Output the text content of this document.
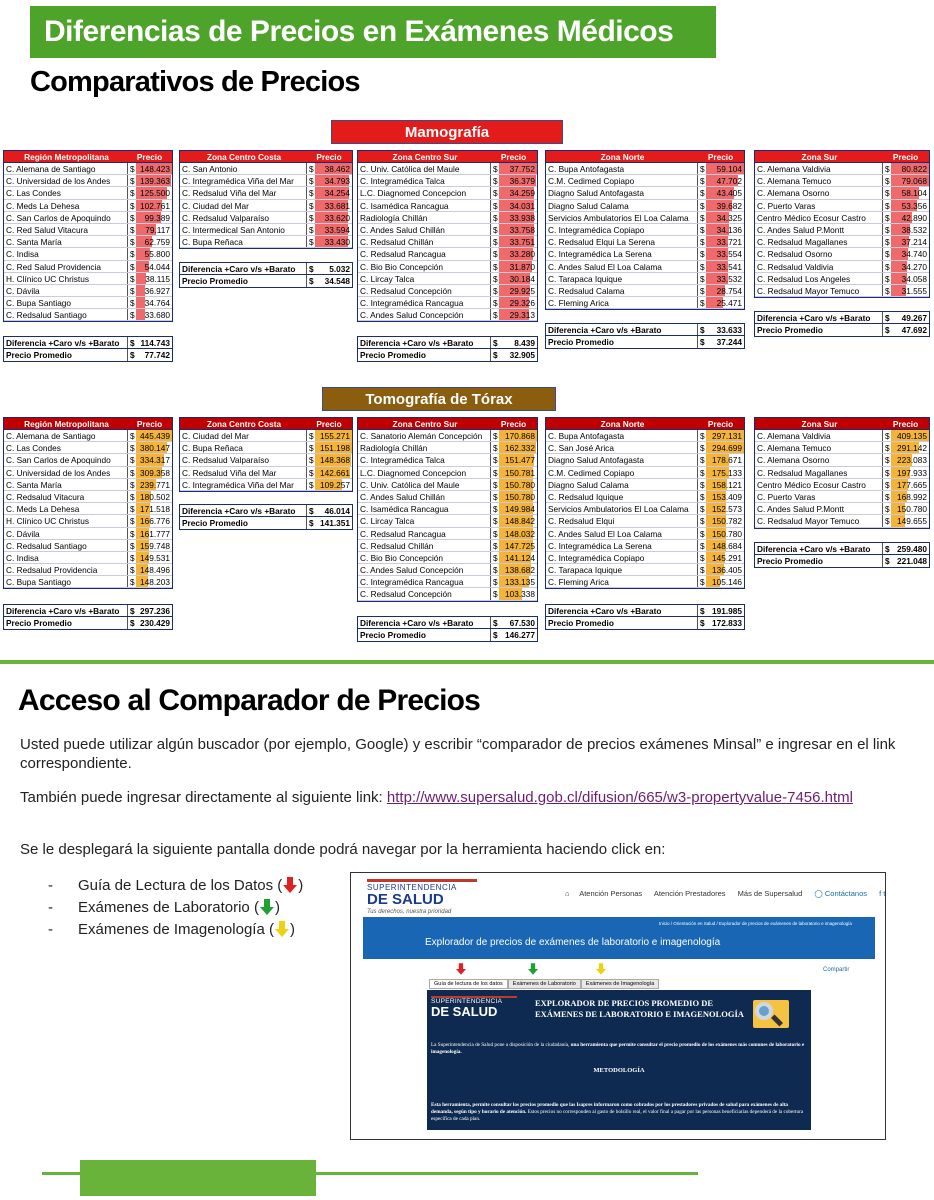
Diferencias de Precios en Exámenes Médicos
Comparativos de Precios
Mamografía
Región Metropolitana	Precio
C. Alemana de Santiago	$ 148.423
C. Universidad de los Andes $ 139.363
C. Las Condes	$ 125.500
C. Meds La Dehesa	$ 102.761
C. San Carlos de Apoquindo $ 99.389
C. Red Salud Vitacura	$ 79.117
C. Santa María	$ 62.759
C. Indisa	$ 55.800
C. Red Salud Providencia	$ 54.044
H. Clínico UC Christus	$ 38.115
C. Dávila	$ 36.927
C. Bupa Santiago	$ 34.764
C. Redsalud Santiago	$ 33.680
Diferencia +Caro v/s +Barato $ 114.743
Precio Promedio	$ 77.742
Zona Centro Costa	Precio
C. San Antonio	$ 38.462
C. Integramédica Viña del Mar $ 34.793
C. Redsalud Viña del Mar	$ 34.254
C. Ciudad del Mar	$ 33.681
C. Redsalud Valparaíso	$ 33.620
C. Intermedical San Antonio	$ 33.594
C. Bupa Reñaca	$ 33.430
Diferencia +Caro v/s +Barato $ 5.032
Precio Promedio	$ 34.548
Zona Centro Sur	Precio
C. Univ. Católica del Maule	$ 37.752
C. Integramédica Talca	$ 36.379
L.C. Diagnomed Concepcion	$ 34.259
C. Isamédica Rancagua	$ 34.031
Radiología Chillán	$ 33.938
C. Andes Salud Chillán	$ 33.758
C. Redsalud Chillán	$ 33.751
C. Redsalud Rancagua	$ 33.280
C. Bio Bio Concepción	$ 31.870
C. Lircay Talca	$ 30.184
C. Redsalud Concepción	$ 29.925
C. Integramédica Rancagua	$ 29.326
C. Andes Salud Concepción	$ 29.313
Diferencia +Caro v/s +Barato $ 8.439
Precio Promedio	$ 32.905
Zona Norte	Precio
C. Bupa Antofagasta	$ 59.104
C.M. Cedimed Copiapo	$ 47.702
Diagno Salud Antofagasta	$ 43.405
Diagno Salud Calama	$ 39.682
Servicios Ambulatorios El Loa Calama $ 34.325
C. Integramédica Copiapo	$ 34.136
C. Redsalud Elqui La Serena	$ 33.721
C. Integramédica La Serena	$ 33.554
C. Andes Salud El Loa Calama	$ 33.541
C. Tarapaca Iquique	$ 33.532
C. Redsalud Calama	$ 28.754
C. Fleming Arica	$ 25.471
Diferencia +Caro v/s +Barato	$ 33.633
Precio Promedio	$ 37.244
Zona Sur	Precio
C. Alemana Valdivia	$ 80.822
C. Alemana Temuco	$ 79.068
C. Alemana Osorno	$ 58.104
C. Puerto Varas	$ 53.356
Centro Médico Ecosur Castro $ 42.890
C. Andes Salud P.Montt	$ 38.532
C. Redsalud Magallanes	$ 37.214
C. Redsalud Osorno	$ 34.740
C. Redsalud Valdivia	$ 34.270
C. Redsalud Los Angeles	$ 34.058
C. Redsalud Mayor Temuco	$ 31.555
Diferencia +Caro v/s +Barato $ 49.267
Precio Promedio	$ 47.692
Tomografía de Tórax
Región Metropolitana	Precio
C. Alemana de Santiago	$ 445.439
C. Las Condes	$ 380.147
C. San Carlos de Apoquindo $ 334.317
C. Universidad de los Andes $ 309.358
C. Santa María	$ 239.771
C. Redsalud Vitacura	$ 180.502
C. Meds La Dehesa	$ 171.518
H. Clínico UC Christus	$ 166.776
C. Dávila	$ 161.777
C. Redsalud Santiago	$ 159.748
C. Indisa	$ 149.531
C. Redsalud Providencia	$ 148.496
C. Bupa Santiago	$ 148.203
Diferencia +Caro v/s +Barato $ 297.236
Precio Promedio	$ 230.429
Zona Centro Costa	Precio
C. Ciudad del Mar	$ 155.271
C. Bupa Reñaca	$ 151.198
C. Redsalud Valparaíso	$ 148.368
C. Redsalud Viña del Mar	$ 142.661
C. Integramédica Viña del Mar $ 109.257
Diferencia +Caro v/s +Barato $ 46.014
Precio Promedio	$ 141.351
Zona Centro Sur	Precio
C. Sanatorio Alemán Concepción $ 170.868
Radiología Chillán	$ 162.332
C. Integramédica Talca	$ 151.477
L.C. Diagnomed Concepcion	$ 150.781
C. Univ. Católica del Maule	$ 150.780
C. Andes Salud Chillán	$ 150.780
C. Isamédica Rancagua	$ 149.984
C. Lircay Talca	$ 148.842
C. Redsalud Rancagua	$ 148.032
C. Redsalud Chillán	$ 147.725
C. Bio Bio Concepción	$ 141.124
C. Andes Salud Concepción	$ 138.682
C. Integramédica Rancagua	$ 133.135
C. Redsalud Concepción	$ 103.338
Diferencia +Caro v/s +Barato $ 67.530
Precio Promedio	$ 146.277
Zona Norte	Precio
C. Bupa Antofagasta	$ 297.131
C. San José Arica	$ 294.699
Diagno Salud Antofagasta	$ 178.671
C.M. Cedimed Copiapo	$ 175.133
Diagno Salud Calama	$ 158.121
C. Redsalud Iquique	$ 153.409
Servicios Ambulatorios El Loa Calama $ 152.573
C. Redsalud Elqui	$ 150.782
C. Andes Salud El Loa Calama	$ 150.780
C. Integramédica La Serena	$ 148.684
C. Integramédica Copiapo	$ 145.291
C. Tarapaca Iquique	$ 136.405
C. Fleming Arica	$ 105.146
Diferencia +Caro v/s +Barato	$ 191.985
Precio Promedio	$ 172.833
Zona Sur	Precio
C. Alemana Valdivia	$ 409.135
C. Alemana Temuco	$ 291.142
C. Alemana Osorno	$ 223.083
C. Redsalud Magallanes	$ 197.933
Centro Médico Ecosur Castro $ 177.665
C. Puerto Varas	$ 168.992
C. Andes Salud P.Montt	$ 150.780
C. Redsalud Mayor Temuco	$ 149.655
Diferencia +Caro v/s +Barato $ 259.480
Precio Promedio	$ 221.048
Acceso al Comparador de Precios
Usted puede utilizar algún buscador (por ejemplo, Google) y escribir “comparador de precios exámenes Minsal” e ingresar en el link correspondiente.
También puede ingresar directamente al siguiente link: http://www.supersalud.gob.cl/difusion/665/w3-propertyvalue-7456.html
Se le desplegará la siguiente pantalla donde podrá navegar por la herramienta haciendo click en:
- Guía de Lectura de los Datos ( )
- Exámenes de Laboratorio ( )
- Exámenes de Imagenología ( )
SUPERINTENDENCIA
DE SALUD
Tus derechos, nuestra prioridad
⌂ Atención Personas Atención Prestadores Más de Supersalud ◯ Contáctanos f t
Inicio / Orientación en Salud / Explorador de precios de exámenes de laboratorio e imagenología
Explorador de precios de exámenes de laboratorio e imagenología
Compartir
Guía de lectura de los datos Exámenes de Laboratorio Exámenes de Imagenología
SUPERINTENDENCIA
DE SALUD
EXPLORADOR DE PRECIOS PROMEDIO DE EXÁMENES DE LABORATORIO E IMAGENOLOGÍA
La Superintendencia de Salud pone a disposición de la ciudadanía, una herramienta que permite consultar el precio promedio de los exámenes más comunes de laboratorio e imagenología.
METODOLOGÍA
Esta herramienta, permite consultar los precios promedio que las Isapres informaron como cobrados por los prestadores privados de salud para exámenes de alta demanda, según tipo y horario de atención. Estos precios no corresponden al gasto de bolsillo real, el valor final a pagar por las personas beneficiarias dependerá de la cobertura específica de cada plan.
